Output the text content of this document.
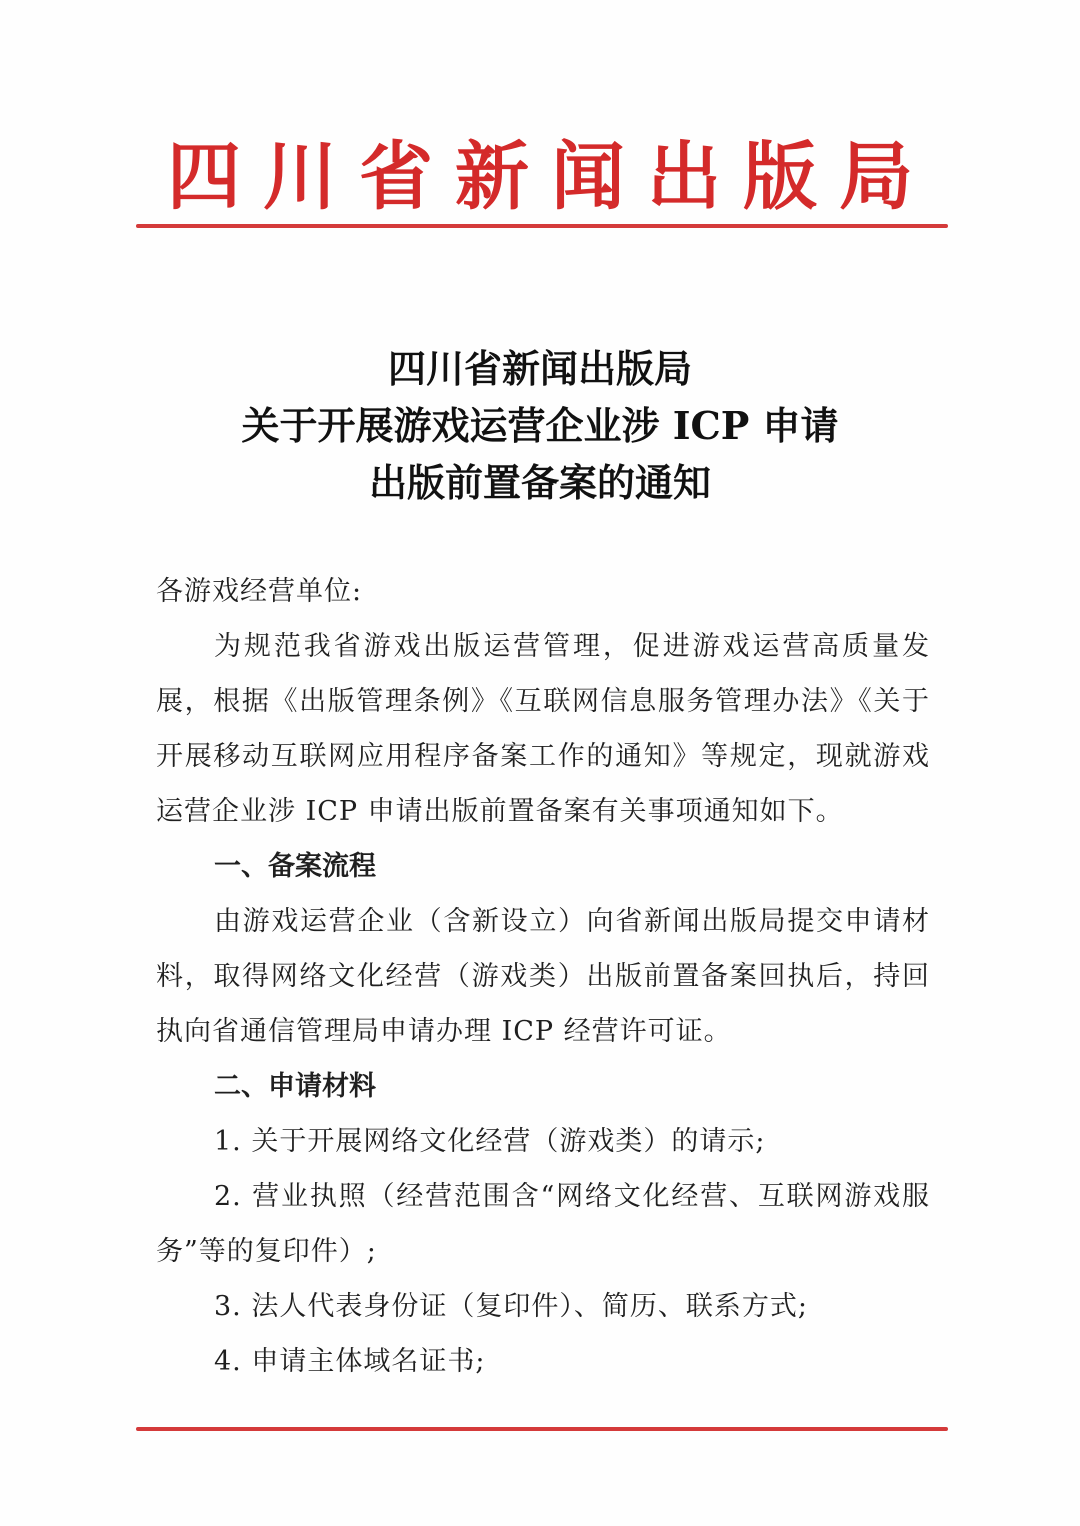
四川省新闻出版局
四川省新闻出版局
关于开展游戏运营企业涉 ICP 申请
出版前置备案的通知

各游戏经营单位:

为规范我省游戏出版运营管理，促进游戏运营高质量发展，根据《出版管理条例》《互联网信息服务管理办法》《关于开展移动互联网应用程序备案工作的通知》等规定，现就游戏运营企业涉 ICP 申请出版前置备案有关事项通知如下。

一、备案流程

由游戏运营企业（含新设立）向省新闻出版局提交申请材料，取得网络文化经营（游戏类）出版前置备案回执后，持回执向省通信管理局申请办理 ICP 经营许可证。

二、申请材料

1. 关于开展网络文化经营（游戏类）的请示;

2. 营业执照（经营范围含“网络文化经营、互联网游戏服务”等的复印件）;

3. 法人代表身份证（复印件）、简历、联系方式;

4. 申请主体域名证书;
